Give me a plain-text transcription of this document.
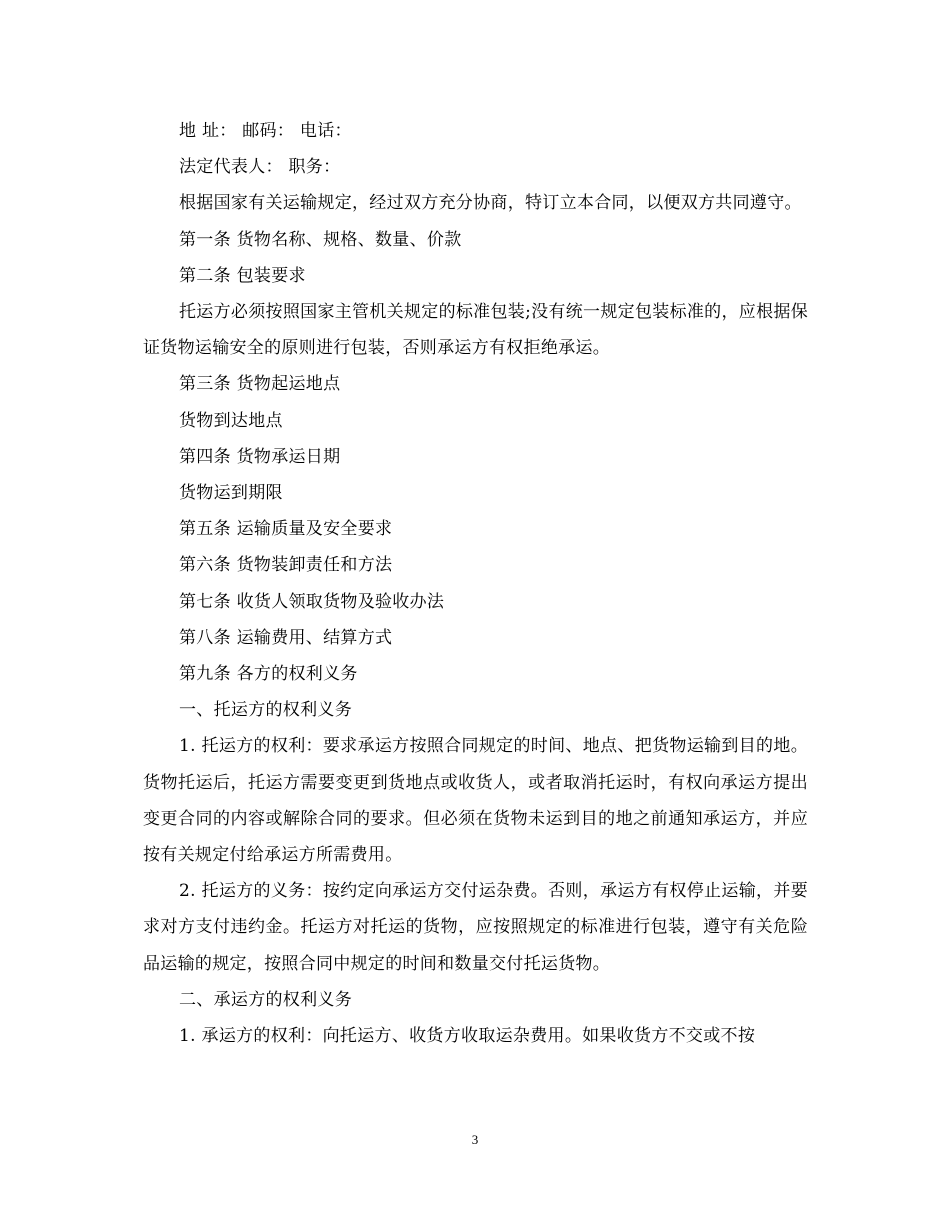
地 址： 邮码： 电话：

法定代表人： 职务：

根据国家有关运输规定，经过双方充分协商，特订立本合同，以便双方共同遵守。

第一条 货物名称、规格、数量、价款

第二条 包装要求

托运方必须按照国家主管机关规定的标准包装;没有统一规定包装标准的，应根据保证货物运输安全的原则进行包装，否则承运方有权拒绝承运。

第三条 货物起运地点

货物到达地点

第四条 货物承运日期

货物运到期限

第五条 运输质量及安全要求

第六条 货物装卸责任和方法

第七条 收货人领取货物及验收办法

第八条 运输费用、结算方式

第九条 各方的权利义务

一、托运方的权利义务

1. 托运方的权利：要求承运方按照合同规定的时间、地点、把货物运输到目的地。货物托运后，托运方需要变更到货地点或收货人，或者取消托运时，有权向承运方提出变更合同的内容或解除合同的要求。但必须在货物未运到目的地之前通知承运方，并应按有关规定付给承运方所需费用。

2. 托运方的义务：按约定向承运方交付运杂费。否则，承运方有权停止运输，并要求对方支付违约金。托运方对托运的货物，应按照规定的标准进行包装，遵守有关危险品运输的规定，按照合同中规定的时间和数量交付托运货物。

二、承运方的权利义务

1. 承运方的权利：向托运方、收货方收取运杂费用。如果收货方不交或不按

3
